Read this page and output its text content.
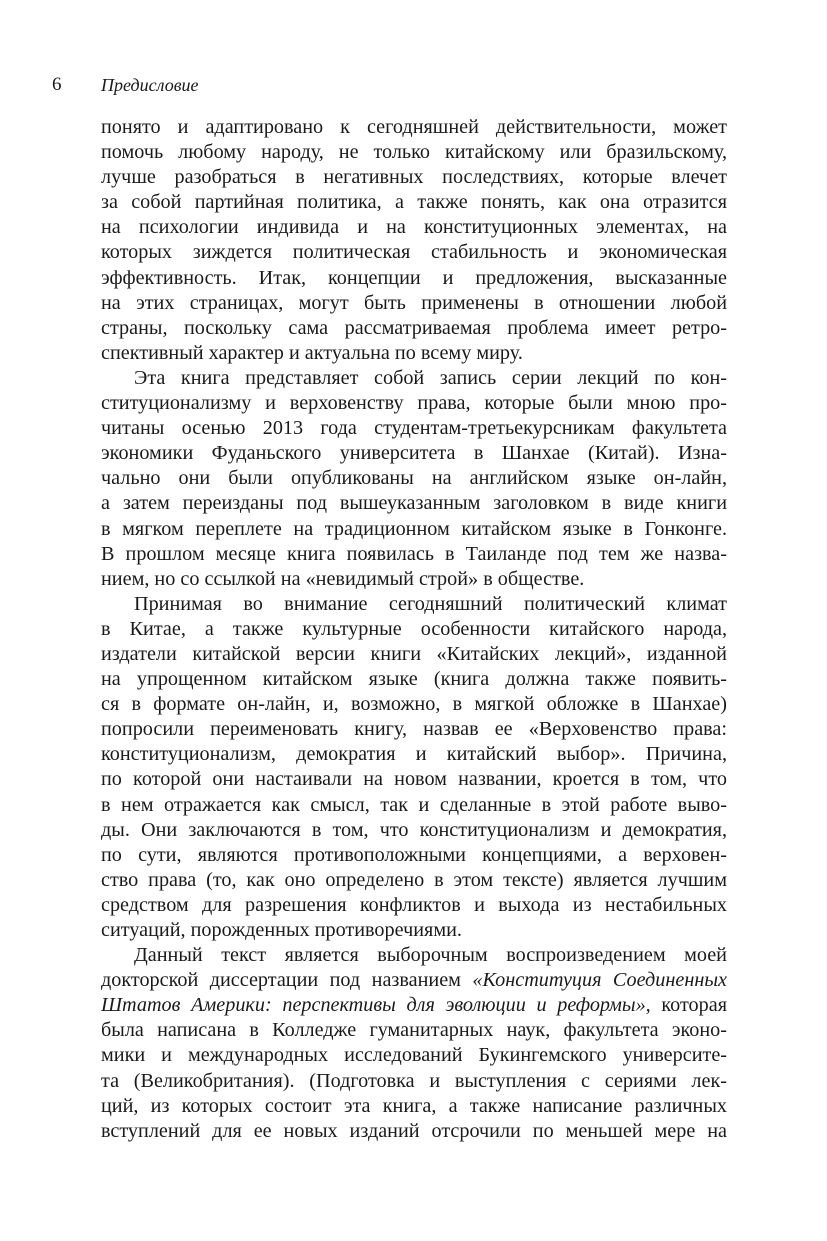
6 Предисловие
понято и адаптировано к сегодняшней действительности, может
помочь любому народу, не только китайскому или бразильскому,
лучше разобраться в негативных последствиях, которые влечет
за собой партийная политика, а также понять, как она отразится
на психологии индивида и на конституционных элементах, на
которых зиждется политическая стабильность и экономическая
эффективность. Итак, концепции и предложения, высказанные
на этих страницах, могут быть применены в отношении любой
страны, поскольку сама рассматриваемая проблема имеет ретро-
спективный характер и актуальна по всему миру.
Эта книга представляет собой запись серии лекций по кон-
ституционализму и верховенству права, которые были мною про-
читаны осенью 2013 года студентам-третьекурсникам факультета
экономики Фуданьского университета в Шанхае (Китай). Изна-
чально они были опубликованы на английском языке он-лайн,
а затем переизданы под вышеуказанным заголовком в виде книги
в мягком переплете на традиционном китайском языке в Гонконге.
В прошлом месяце книга появилась в Таиланде под тем же назва-
нием, но со ссылкой на «невидимый строй» в обществе.
Принимая во внимание сегодняшний политический климат
в Китае, а также культурные особенности китайского народа,
издатели китайской версии книги «Китайских лекций», изданной
на упрощенном китайском языке (книга должна также появить-
ся в формате он-лайн, и, возможно, в мягкой обложке в Шанхае)
попросили переименовать книгу, назвав ее «Верховенство права:
конституционализм, демократия и китайский выбор». Причина,
по которой они настаивали на новом названии, кроется в том, что
в нем отражается как смысл, так и сделанные в этой работе выво-
ды. Они заключаются в том, что конституционализм и демократия,
по сути, являются противоположными концепциями, а верховен-
ство права (то, как оно определено в этом тексте) является лучшим
средством для разрешения конфликтов и выхода из нестабильных
ситуаций, порожденных противоречиями.
Данный текст является выборочным воспроизведением моей
докторской диссертации под названием «Конституция Соединенных
Штатов Америки: перспективы для эволюции и реформы», которая
была написана в Колледже гуманитарных наук, факультета эконо-
мики и международных исследований Букингемского университе-
та (Великобритания). (Подготовка и выступления с сериями лек-
ций, из которых состоит эта книга, а также написание различных
вступлений для ее новых изданий отсрочили по меньшей мере на
